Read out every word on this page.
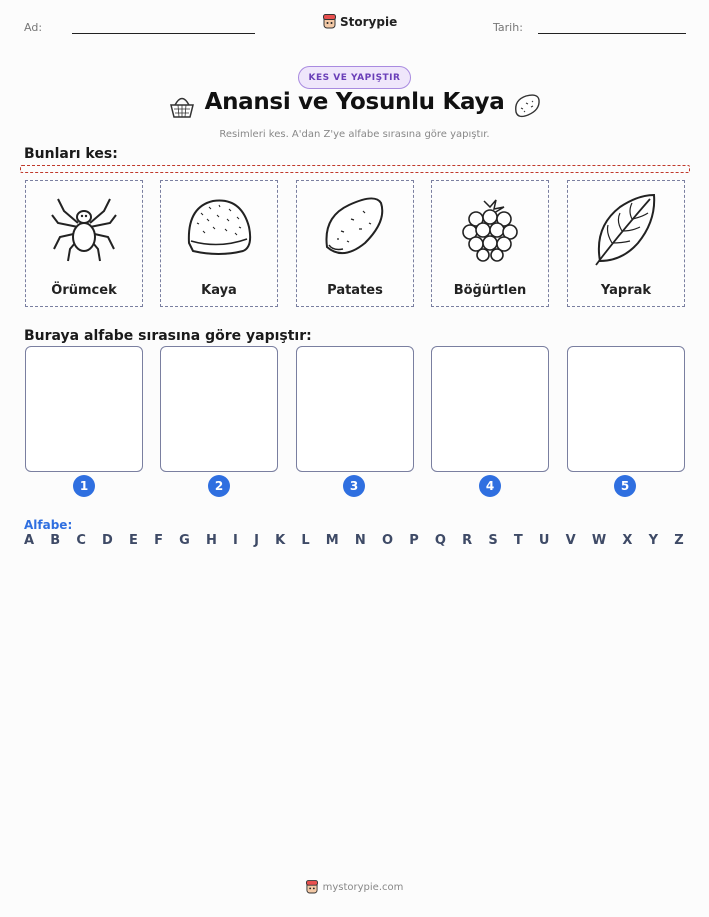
Ad:	Storypie	Tarih:
KES VE YAPIŞTIR
Anansi ve Yosunlu Kaya
Resimleri kes. A'dan Z'ye alfabe sırasına göre yapıştır.
Bunları kes:
Örümcek	Kaya	Patates	Böğürtlen	Yaprak
Buraya alfabe sırasına göre yapıştır:
1	2	3	4	5
Alfabe:
A B C D E F G H I J K L M N O P Q R S T U V W X Y Z
mystorypie.com
